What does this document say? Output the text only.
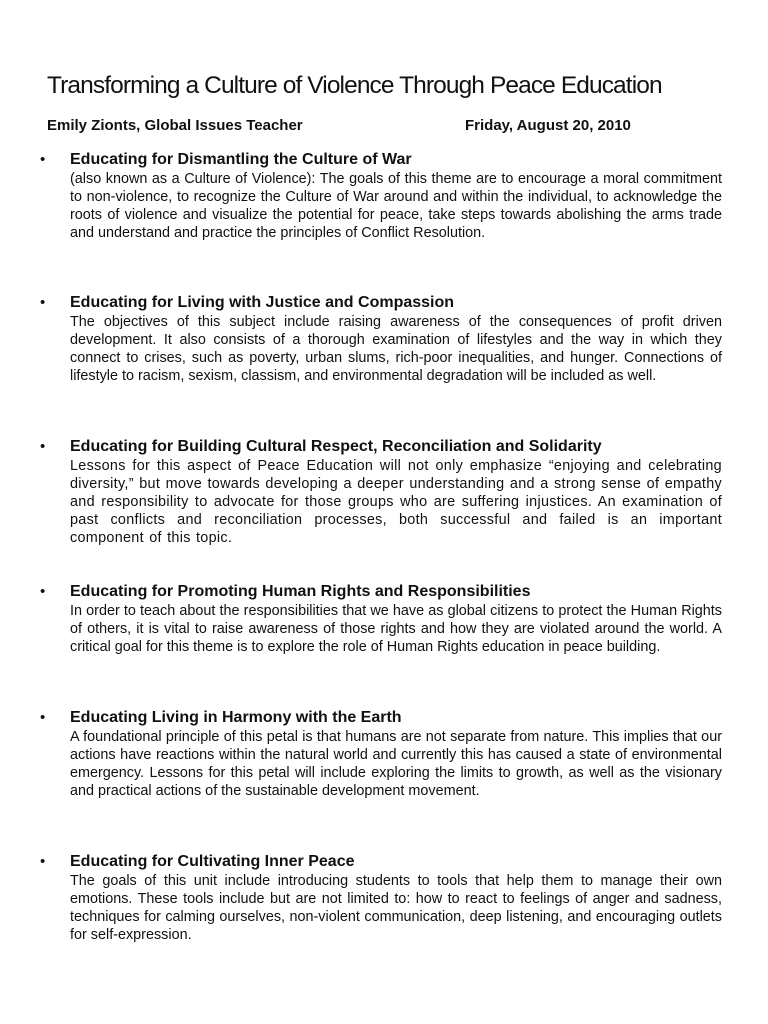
Transforming a Culture of Violence Through Peace Education
Emily Zionts, Global Issues Teacher	Friday, August 20, 2010
• Educating for Dismantling the Culture of War

(also known as a Culture of Violence): The goals of this theme are to encourage a moral commitment to non-violence, to recognize the Culture of War around and within the individual, to acknowledge the roots of violence and visualize the potential for peace, take steps towards abolishing the arms trade and understand and practice the principles of Conflict Resolution.

• Educating for Living with Justice and Compassion

The objectives of this subject include raising awareness of the consequences of profit driven development. It also consists of a thorough examination of lifestyles and the way in which they connect to crises, such as poverty, urban slums, rich-poor inequalities, and hunger. Connections of lifestyle to racism, sexism, classism, and environmental degradation will be included as well.

• Educating for Building Cultural Respect, Reconciliation and Solidarity

Lessons for this aspect of Peace Education will not only emphasize “enjoying and celebrating diversity,” but move towards developing a deeper understanding and a strong sense of empathy and responsibility to advocate for those groups who are suffering injustices. An examination of past conflicts and reconciliation processes, both successful and failed is an important component of this topic.

• Educating for Promoting Human Rights and Responsibilities

In order to teach about the responsibilities that we have as global citizens to protect the Human Rights of others, it is vital to raise awareness of those rights and how they are violated around the world. A critical goal for this theme is to explore the role of Human Rights education in peace building.

• Educating Living in Harmony with the Earth

A foundational principle of this petal is that humans are not separate from nature. This implies that our actions have reactions within the natural world and currently this has caused a state of environmental emergency. Lessons for this petal will include exploring the limits to growth, as well as the visionary and practical actions of the sustainable development movement.

• Educating for Cultivating Inner Peace

The goals of this unit include introducing students to tools that help them to manage their own emotions. These tools include but are not limited to: how to react to feelings of anger and sadness, techniques for calming ourselves, non-violent communication, deep listening, and encouraging outlets for self-expression.
